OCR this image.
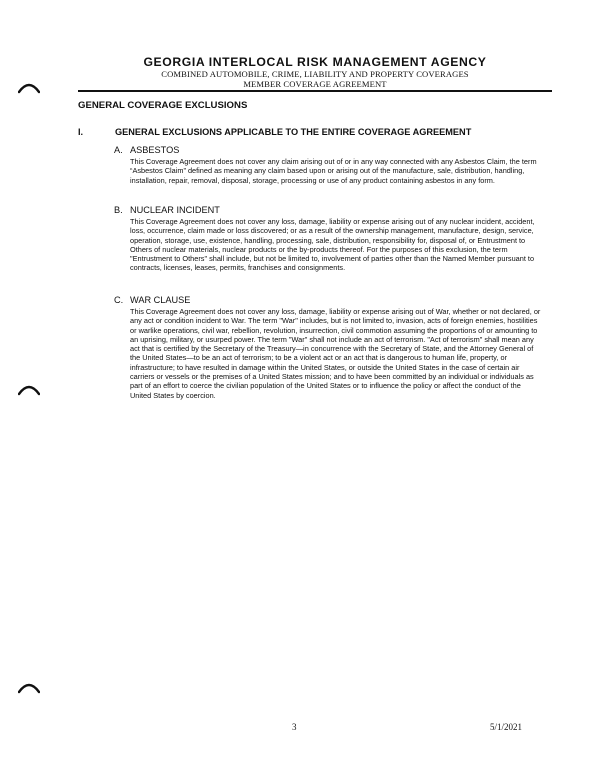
GEORGIA INTERLOCAL RISK MANAGEMENT AGENCY
COMBINED AUTOMOBILE, CRIME, LIABILITY AND PROPERTY COVERAGES
MEMBER COVERAGE AGREEMENT
GENERAL COVERAGE EXCLUSIONS
I.	GENERAL EXCLUSIONS APPLICABLE TO THE ENTIRE COVERAGE AGREEMENT
A. ASBESTOS
This Coverage Agreement does not cover any claim arising out of or in any way connected with any Asbestos Claim, the term “Asbestos Claim” defined as meaning any claim based upon or arising out of the manufacture, sale, distribution, handling, installation, repair, removal, disposal, storage, processing or use of any product containing asbestos in any form.
B. NUCLEAR INCIDENT
This Coverage Agreement does not cover any loss, damage, liability or expense arising out of any nuclear incident, accident, loss, occurrence, claim made or loss discovered; or as a result of the ownership management, manufacture, design, service, operation, storage, use, existence, handling, processing, sale, distribution, responsibility for, disposal of, or Entrustment to Others of nuclear materials, nuclear products or the by-products thereof. For the purposes of this exclusion, the term "Entrustment to Others" shall include, but not be limited to, involvement of parties other than the Named Member pursuant to contracts, licenses, leases, permits, franchises and consignments.
C. WAR CLAUSE
This Coverage Agreement does not cover any loss, damage, liability or expense arising out of War, whether or not declared, or any act or condition incident to War. The term "War" includes, but is not limited to, invasion, acts of foreign enemies, hostilities or warlike operations, civil war, rebellion, revolution, insurrection, civil commotion assuming the proportions of or amounting to an uprising, military, or usurped power. The term "War" shall not include an act of terrorism. "Act of terrorism" shall mean any act that is certified by the Secretary of the Treasury—in concurrence with the Secretary of State, and the Attorney General of the United States—to be an act of terrorism; to be a violent act or an act that is dangerous to human life, property, or infrastructure; to have resulted in damage within the United States, or outside the United States in the case of certain air carriers or vessels or the premises of a United States mission; and to have been committed by an individual or individuals as part of an effort to coerce the civilian population of the United States or to influence the policy or affect the conduct of the United States by coercion.
3	5/1/2021
